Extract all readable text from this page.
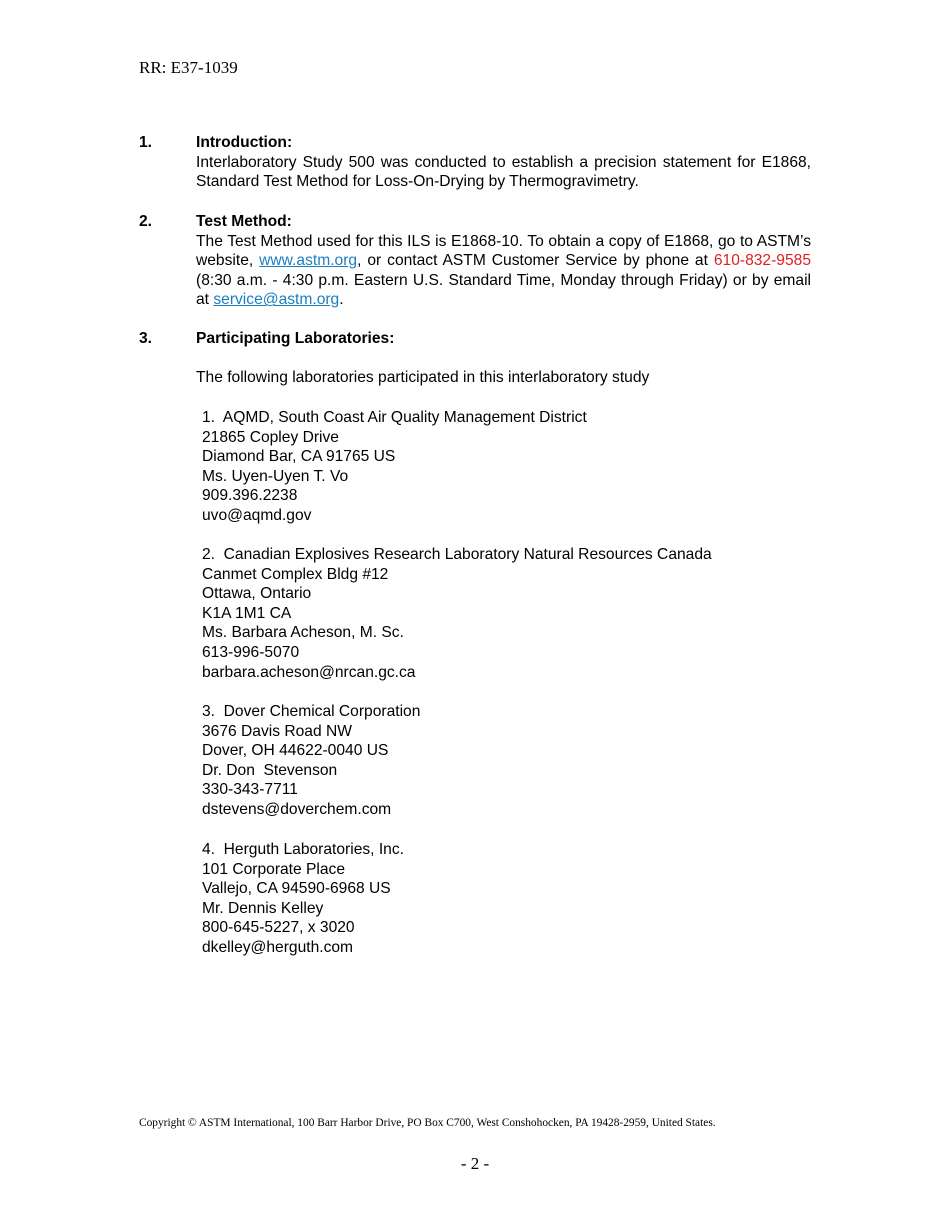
RR: E37-1039
1.	Introduction:
Interlaboratory Study 500 was conducted to establish a precision statement for E1868, Standard Test Method for Loss-On-Drying by Thermogravimetry.
2.	Test Method:
The Test Method used for this ILS is E1868-10. To obtain a copy of E1868, go to ASTM’s website, www.astm.org, or contact ASTM Customer Service by phone at 610-832-9585 (8:30 a.m. - 4:30 p.m. Eastern U.S. Standard Time, Monday through Friday) or by email at service@astm.org.
3.	Participating Laboratories:
The following laboratories participated in this interlaboratory study
1.  AQMD, South Coast Air Quality Management District
21865 Copley Drive
Diamond Bar, CA 91765 US
Ms. Uyen-Uyen T. Vo
909.396.2238
uvo@aqmd.gov
2.  Canadian Explosives Research Laboratory Natural Resources Canada
Canmet Complex Bldg #12
Ottawa, Ontario
K1A 1M1 CA
Ms. Barbara Acheson, M. Sc.
613-996-5070
barbara.acheson@nrcan.gc.ca
3.  Dover Chemical Corporation
3676 Davis Road NW
Dover, OH 44622-0040 US
Dr. Don  Stevenson
330-343-7711
dstevens@doverchem.com
4.  Herguth Laboratories, Inc.
101 Corporate Place
Vallejo, CA 94590-6968 US
Mr. Dennis Kelley
800-645-5227, x 3020
dkelley@herguth.com
Copyright © ASTM International, 100 Barr Harbor Drive, PO Box C700, West Conshohocken, PA 19428-2959, United States.
- 2 -
